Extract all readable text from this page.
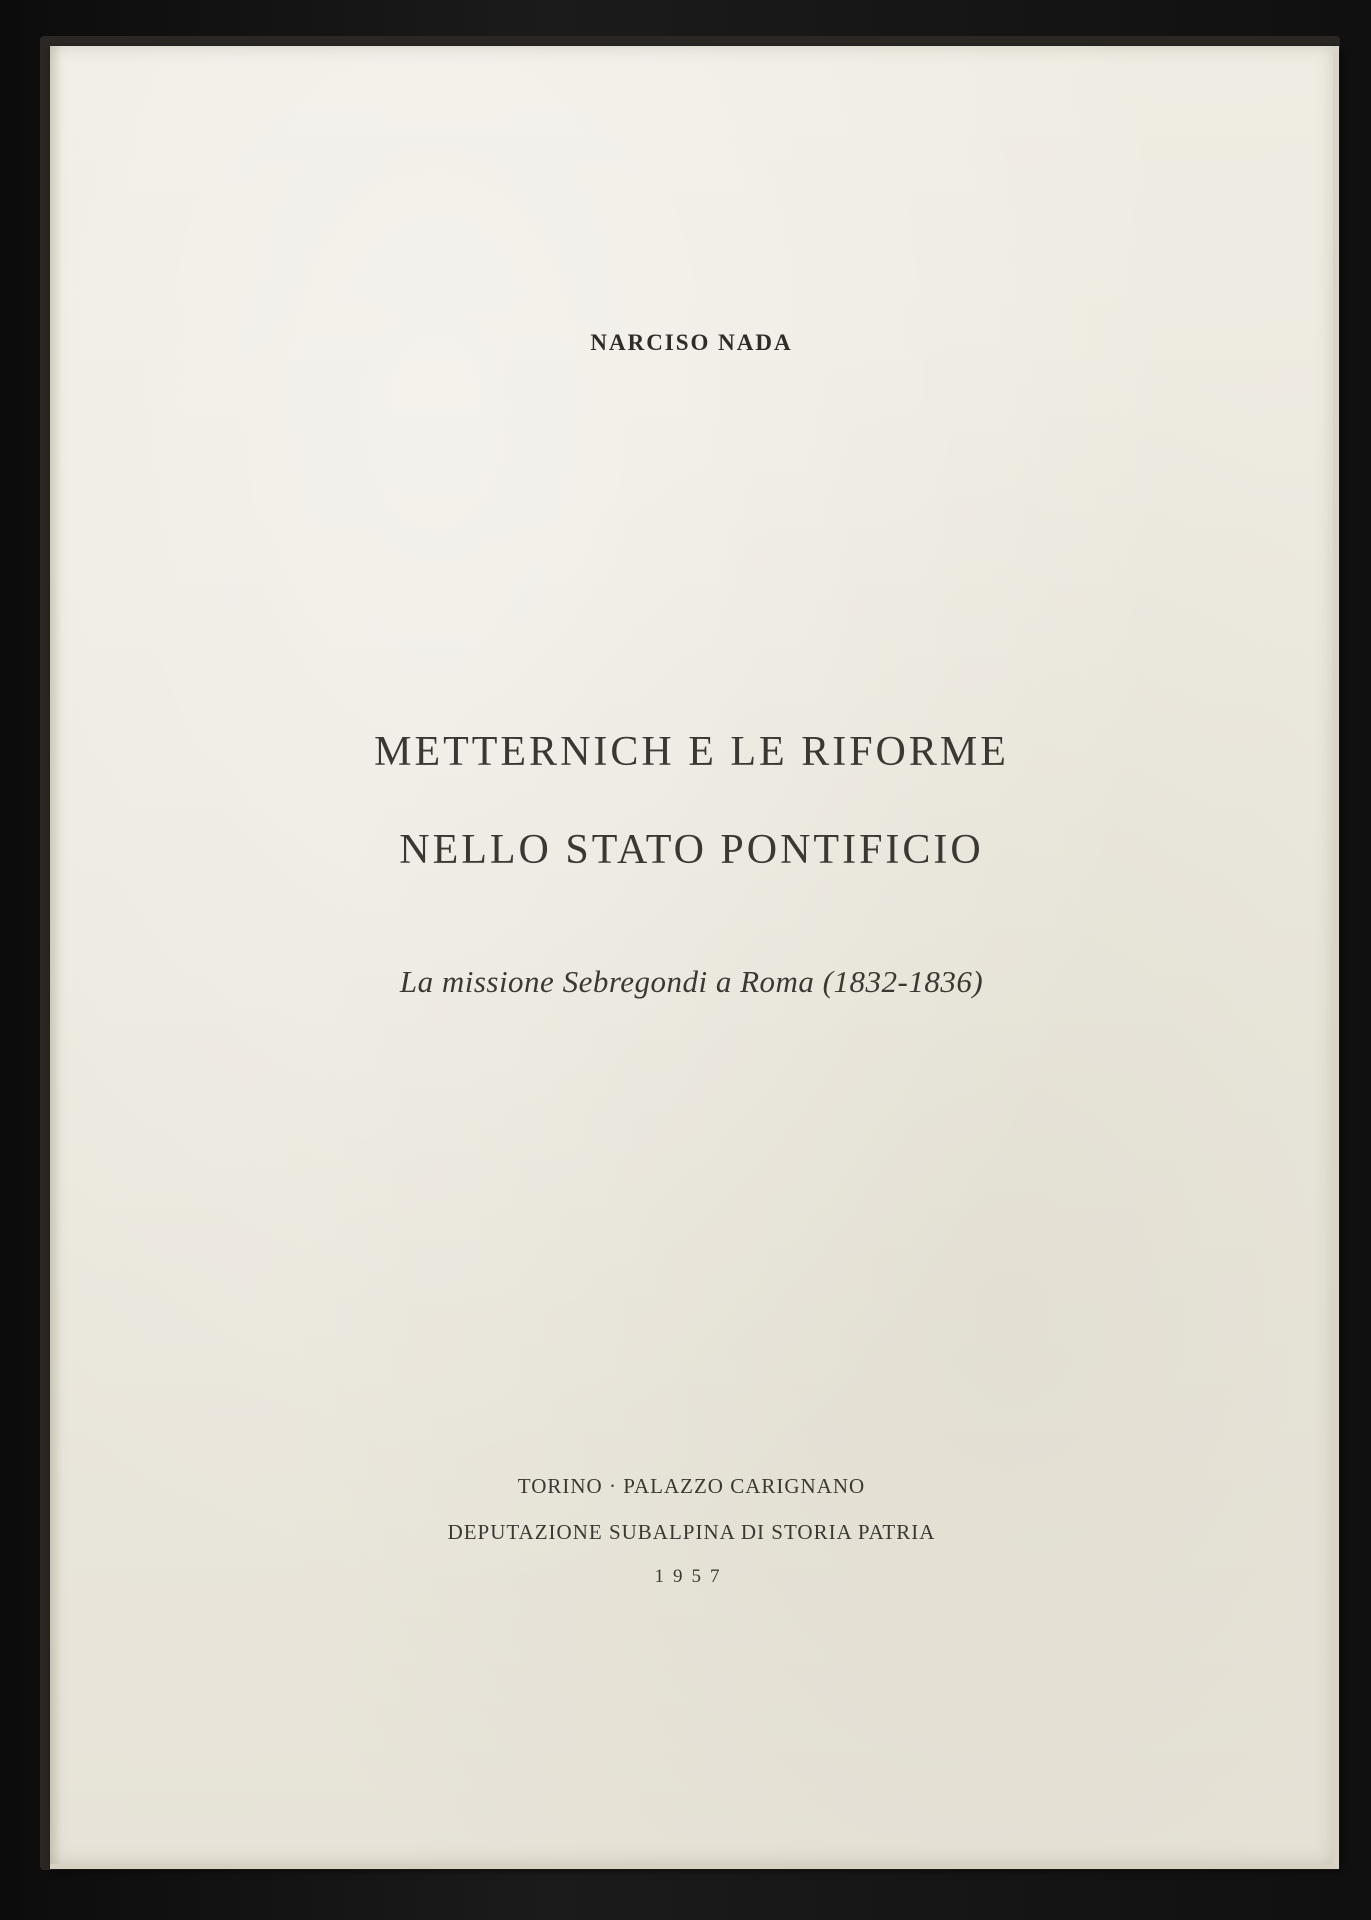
NARCISO NADA
METTERNICH E LE RIFORME
NELLO STATO PONTIFICIO
La missione Sebregondi a Roma (1832-1836)
TORINO · PALAZZO CARIGNANO
DEPUTAZIONE SUBALPINA DI STORIA PATRIA
1957
